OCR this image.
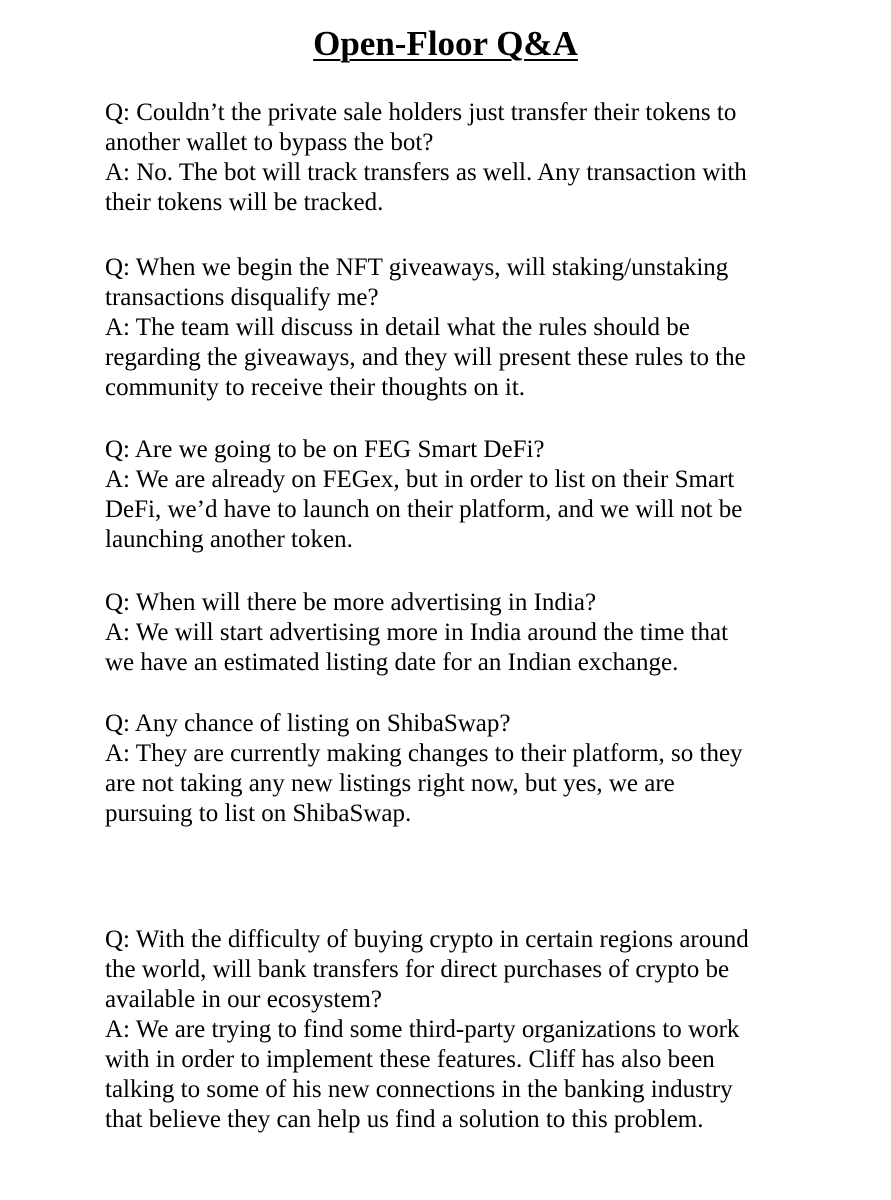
Open-Floor Q&A

Q: Couldn’t the private sale holders just transfer their tokens to

another wallet to bypass the bot?

A: No. The bot will track transfers as well. Any transaction with

their tokens will be tracked.

Q: When we begin the NFT giveaways, will staking/unstaking

transactions disqualify me?

A: The team will discuss in detail what the rules should be

regarding the giveaways, and they will present these rules to the

community to receive their thoughts on it.

Q: Are we going to be on FEG Smart DeFi?

A: We are already on FEGex, but in order to list on their Smart

DeFi, we’d have to launch on their platform, and we will not be

launching another token.

Q: When will there be more advertising in India?

A: We will start advertising more in India around the time that

we have an estimated listing date for an Indian exchange.

Q: Any chance of listing on ShibaSwap?

A: They are currently making changes to their platform, so they

are not taking any new listings right now, but yes, we are

pursuing to list on ShibaSwap.

Q: With the difficulty of buying crypto in certain regions around

the world, will bank transfers for direct purchases of crypto be

available in our ecosystem?

A: We are trying to find some third-party organizations to work

with in order to implement these features. Cliff has also been

talking to some of his new connections in the banking industry

that believe they can help us find a solution to this problem.
